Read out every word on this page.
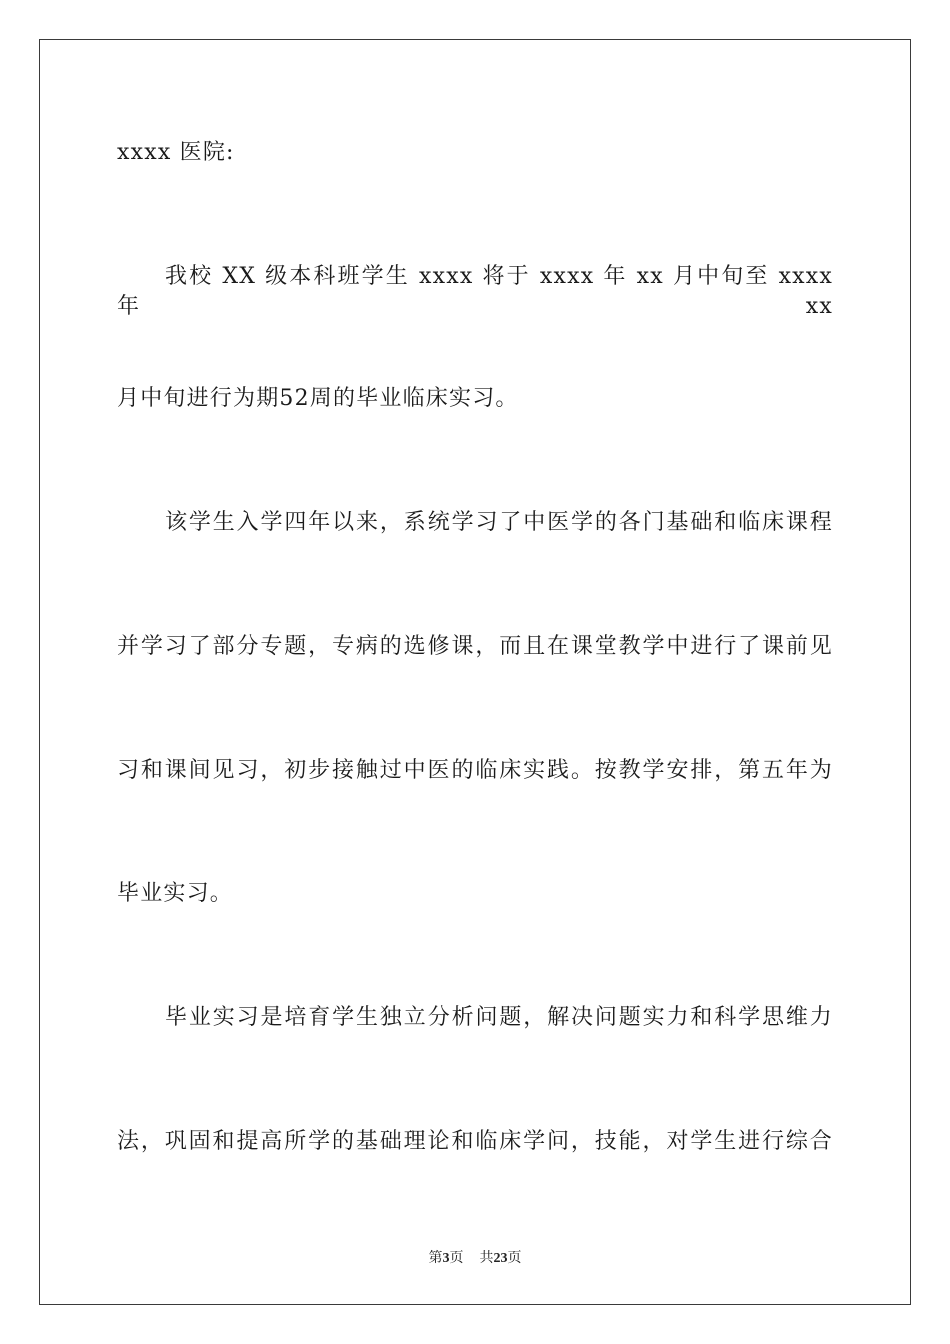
xxxx 医院:
我校 XX 级本科班学生 xxxx 将于 xxxx 年 xx 月中旬至 xxxx 年 xx
月中旬进行为期52周的毕业临床实习。
该学生入学四年以来，系统学习了中医学的各门基础和临床课程
并学习了部分专题，专病的选修课，而且在课堂教学中进行了课前见
习和课间见习，初步接触过中医的临床实践。按教学安排，第五年为
毕业实习。
毕业实习是培育学生独立分析问题，解决问题实力和科学思维力
法，巩固和提高所学的基础理论和临床学问，技能，对学生进行综合
第3页 共23页
